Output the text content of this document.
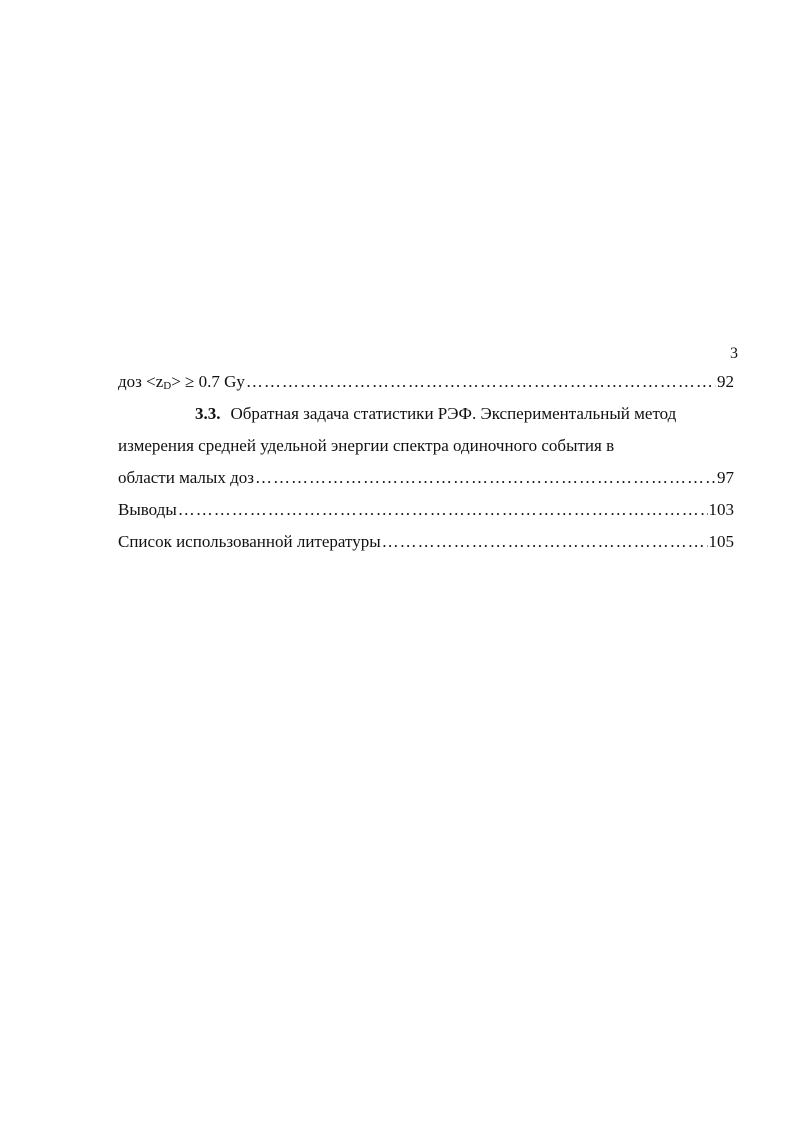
3
доз $<z_D> \ge 0.7$ Gy …………………………………………………………………………………………………………………………………………………………	92
3.3. Обратная задача статистики РЭФ. Экспериментальный метод
измерения средней удельной энергии спектра одиночного события в
области малых доз …………………………………………………………………………………………………………………………………………………………	97
Выводы …………………………………………………………………………………………………………………………………………………………	103
Список использованной литературы …………………………………………………………………………………………………………………………………………………………	105
